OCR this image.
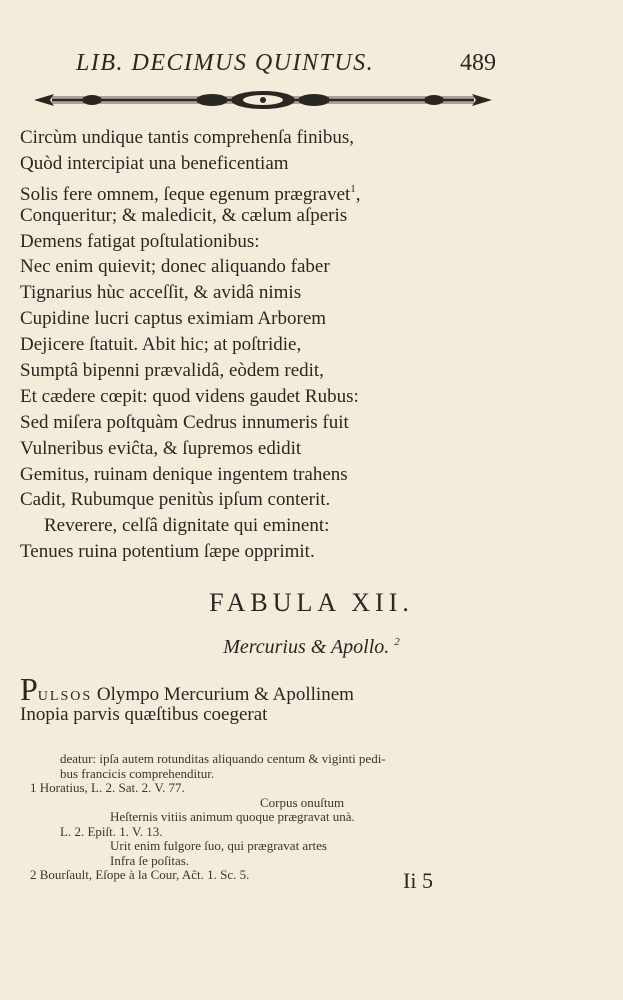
LIB. DECIMUS QUINTUS.	489
Circùm undique tantis comprehenſa finibus,
Quòd intercipiat una beneficentiam
Solis fere omnem, ſeque egenum prægravet$^1$,
Conqueritur; & maledicit, & cælum aſperis
Demens fatigat poſtulationibus:
Nec enim quievit; donec aliquando faber
Tignarius hùc acceſſit, & avidâ nimis
Cupidine lucri captus eximiam Arborem
Dejicere ſtatuit. Abit hic; at poſtridie,
Sumptâ bipenni prævalidâ, eòdem redit,
Et cædere cœpit: quod videns gaudet Rubus:
Sed miſera poſtquàm Cedrus innumeris fuit
Vulneribus eviĉta, & ſupremos edidit
Gemitus, ruinam denique ingentem trahens
Cadit, Rubumque penitùs ipſum conterit.
Reverere, celſâ dignitate qui eminent:
Tenues ruina potentium ſæpe opprimit.
FABULA XII.
Mercurius & Apollo. $^2$
PULSOS Olympo Mercurium & Apollinem
Inopia parvis quæſtibus coegerat
deatur: ipſa autem rotunditas aliquando centum & viginti pedi-
bus francicis comprehenditur.
1 Horatius, L. 2. Sat. 2. V. 77.
Corpus onuſtum
Heſternis vitiis animum quoque prægravat unà.
L. 2. Epiſt. 1. V. 13.
Urit enim fulgore ſuo, qui prægravat artes
Infra ſe poſitas.
2 Bourſault, Eſope à la Cour, Aĉt. 1. Sc. 5.	Ii 5
